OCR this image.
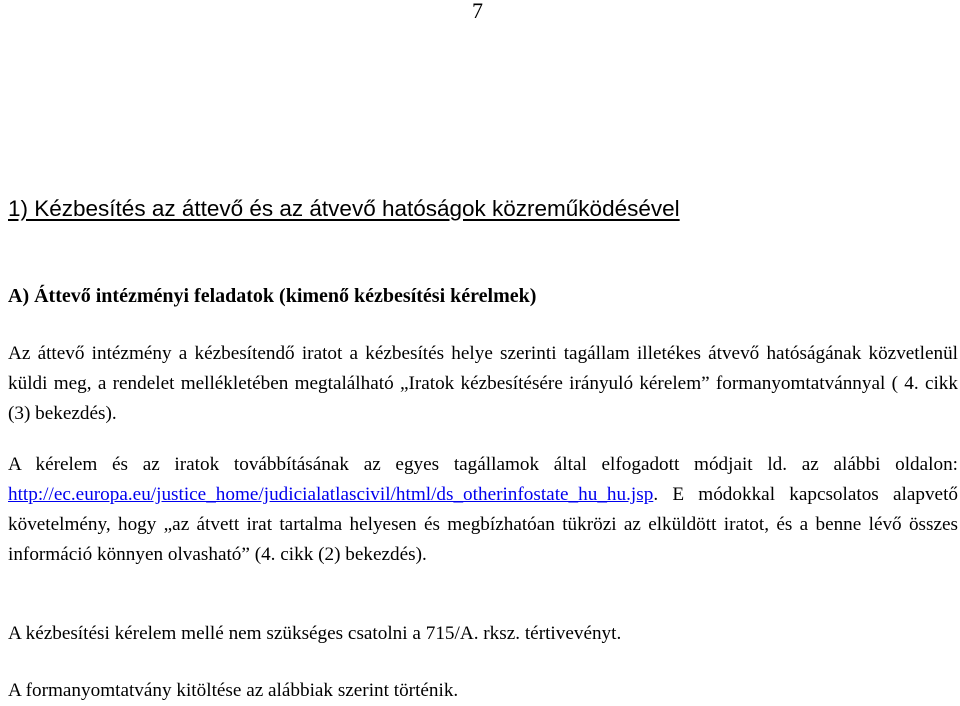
7
1) Kézbesítés az áttevő és az átvevő hatóságok közreműködésével
A) Áttevő intézményi feladatok (kimenő kézbesítési kérelmek)

Az áttevő intézmény a kézbesítendő iratot a kézbesítés helye szerinti tagállam illetékes átvevő hatóságának közvetlenül küldi meg, a rendelet mellékletében megtalálható „Iratok kézbesítésére irányuló kérelem” formanyomtatvánnyal ( 4. cikk (3) bekezdés).

A kérelem és az iratok továbbításának az egyes tagállamok által elfogadott módjait ld. az alábbi oldalon: http://ec.europa.eu/justice_home/judicialatlascivil/html/ds_otherinfostate_hu_hu.jsp. E módokkal kapcsolatos alapvető követelmény, hogy „az átvett irat tartalma helyesen és megbízhatóan tükrözi az elküldött iratot, és a benne lévő összes információ könnyen olvasható” (4. cikk (2) bekezdés).

A kézbesítési kérelem mellé nem szükséges csatolni a 715/A. rksz. tértivevényt.

A formanyomtatvány kitöltése az alábbiak szerint történik.
